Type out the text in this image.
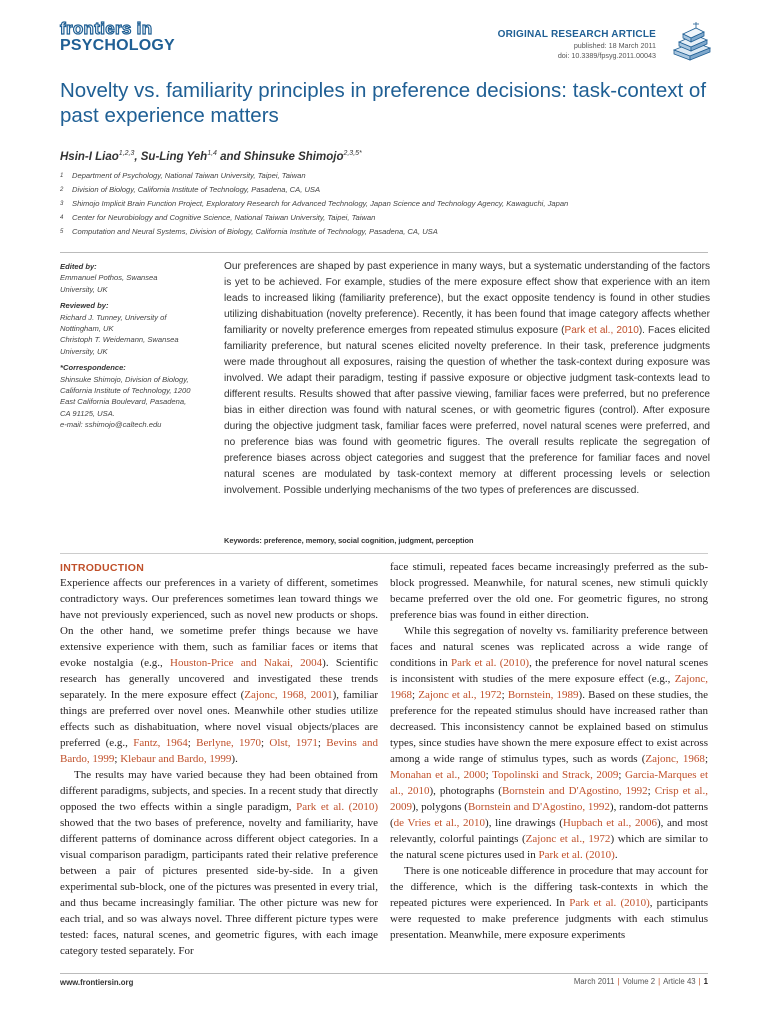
frontiers in
PSYCHOLOGY
ORIGINAL RESEARCH ARTICLE
published: 18 March 2011
doi: 10.3389/fpsyg.2011.00043
Novelty vs. familiarity principles in preference decisions: task-context of past experience matters
Hsin-I Liao$^{1,2,3}$, Su-Ling Yeh$^{1,4}$ and Shinsuke Shimojo$^{2,3,5*}$
1 Department of Psychology, National Taiwan University, Taipei, Taiwan
2 Division of Biology, California Institute of Technology, Pasadena, CA, USA
3 Shimojo Implicit Brain Function Project, Exploratory Research for Advanced Technology, Japan Science and Technology Agency, Kawaguchi, Japan
4 Center for Neurobiology and Cognitive Science, National Taiwan University, Taipei, Taiwan
5 Computation and Neural Systems, Division of Biology, California Institute of Technology, Pasadena, CA, USA
Edited by:
Emmanuel Pothos, Swansea
University, UK
Reviewed by:
Richard J. Tunney, University of
Nottingham, UK
Christoph T. Weidemann, Swansea
University, UK
*Correspondence:
Shinsuke Shimojo, Division of Biology,
California Institute of Technology, 1200
East California Boulevard, Pasadena,
CA 91125, USA.
e-mail: sshimojo@caltech.edu

Our preferences are shaped by past experience in many ways, but a systematic understanding of the factors is yet to be achieved. For example, studies of the mere exposure effect show that experience with an item leads to increased liking (familiarity preference), but the exact opposite tendency is found in other studies utilizing dishabituation (novelty preference). Recently, it has been found that image category affects whether familiarity or novelty preference emerges from repeated stimulus exposure (Park et al., 2010). Faces elicited familiarity preference, but natural scenes elicited novelty preference. In their task, preference judgments were made throughout all exposures, raising the question of whether the task-context during exposure was involved. We adapt their paradigm, testing if passive exposure or objective judgment task-contexts lead to different results. Results showed that after passive viewing, familiar faces were preferred, but no preference bias in either direction was found with natural scenes, or with geometric figures (control). After exposure during the objective judgment task, familiar faces were preferred, novel natural scenes were preferred, and no preference bias was found with geometric figures. The overall results replicate the segregation of preference biases across object categories and suggest that the preference for familiar faces and novel natural scenes are modulated by task-context memory at different processing levels or selection involvement. Possible underlying mechanisms of the two types of preferences are discussed.

Keywords: preference, memory, social cognition, judgment, perception
INTRODUCTION

Experience affects our preferences in a variety of different, sometimes contradictory ways. Our preferences sometimes lean toward things we have not previously experienced, such as novel new products or shops. On the other hand, we sometime prefer things because we have extensive experience with them, such as familiar faces or items that evoke nostalgia (e.g., Houston-Price and Nakai, 2004). Scientific research has generally uncovered and investigated these trends separately. In the mere exposure effect (Zajonc, 1968, 2001), familiar things are preferred over novel ones. Meanwhile other studies utilize effects such as dishabituation, where novel visual objects/places are preferred (e.g., Fantz, 1964; Berlyne, 1970; Olst, 1971; Bevins and Bardo, 1999; Klebaur and Bardo, 1999).

The results may have varied because they had been obtained from different paradigms, subjects, and species. In a recent study that directly opposed the two effects within a single paradigm, Park et al. (2010) showed that the two bases of preference, novelty and familiarity, have different patterns of dominance across different object categories. In a visual comparison paradigm, participants rated their relative preference between a pair of pictures presented side-by-side. In a given experimental sub-block, one of the pictures was presented in every trial, and thus became increasingly familiar. The other picture was new for each trial, and so was always novel. Three different picture types were tested: faces, natural scenes, and geometric figures, with each image category tested separately. For

face stimuli, repeated faces became increasingly preferred as the sub-block progressed. Meanwhile, for natural scenes, new stimuli quickly became preferred over the old one. For geometric figures, no strong preference bias was found in either direction.

While this segregation of novelty vs. familiarity preference between faces and natural scenes was replicated across a wide range of conditions in Park et al. (2010), the preference for novel natural scenes is inconsistent with studies of the mere exposure effect (e.g., Zajonc, 1968; Zajonc et al., 1972; Bornstein, 1989). Based on these studies, the preference for the repeated stimulus should have increased rather than decreased. This inconsistency cannot be explained based on stimulus types, since studies have shown the mere exposure effect to exist across among a wide range of stimulus types, such as words (Zajonc, 1968; Monahan et al., 2000; Topolinski and Strack, 2009; Garcia-Marques et al., 2010), photographs (Bornstein and D'Agostino, 1992; Crisp et al., 2009), polygons (Bornstein and D'Agostino, 1992), random-dot patterns (de Vries et al., 2010), line drawings (Hupbach et al., 2006), and most relevantly, colorful paintings (Zajonc et al., 1972) which are similar to the natural scene pictures used in Park et al. (2010).

There is one noticeable difference in procedure that may account for the difference, which is the differing task-contexts in which the repeated pictures were experienced. In Park et al. (2010), participants were requested to make preference judgments with each stimulus presentation. Meanwhile, mere exposure experiments

www.frontiersin.org	March 2011 | Volume 2 | Article 43 | 1
